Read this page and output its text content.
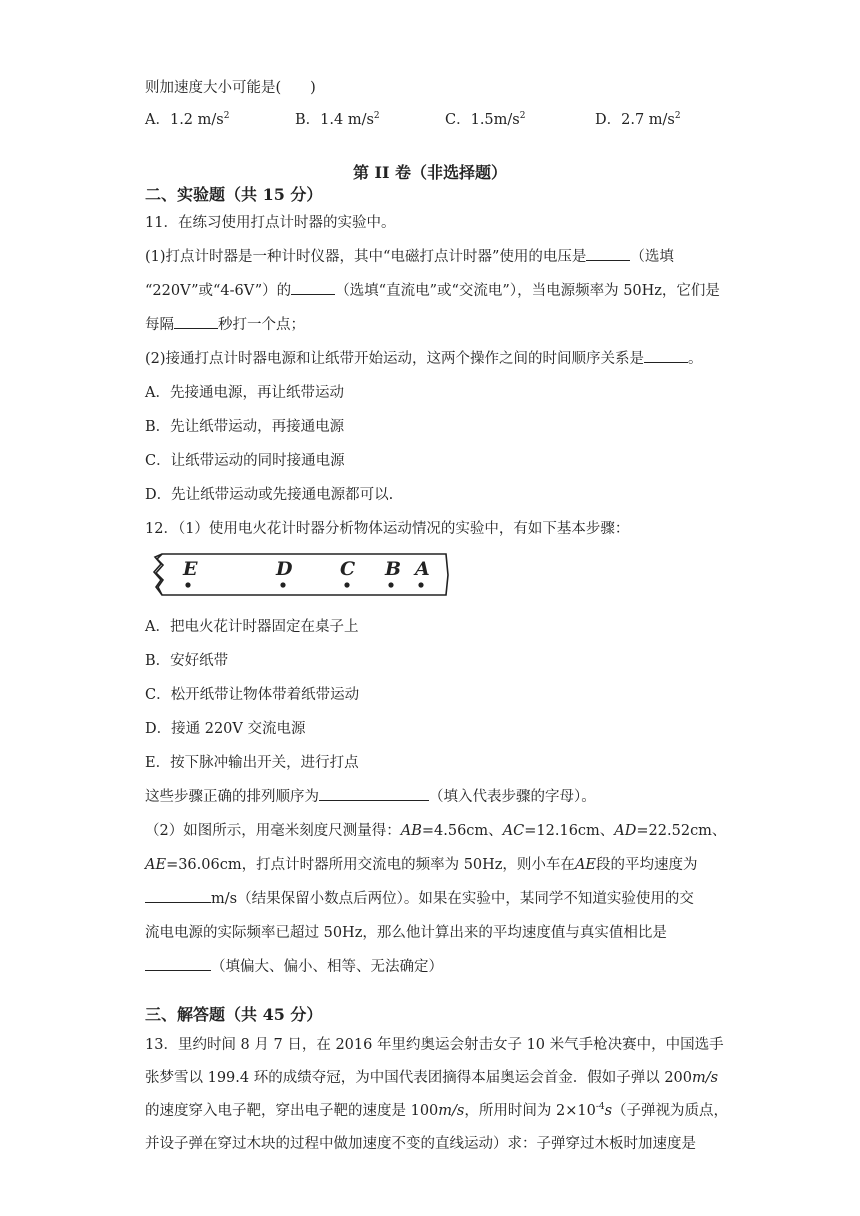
则加速度大小可能是(　　)
A．1.2 $m/s^2$	B．1.4 $m/s^2$	C．$1.5m/s^2$	D．2.7 $m/s^2$
第 II 卷（非选择题）
二、实验题（共 15 分）
11．在练习使用打点计时器的实验中。
(1)打点计时器是一种计时仪器，其中“电磁打点计时器”使用的电压是	（选填
“220V”或“4-6V”）的	（选填“直流电”或“交流电”），当电源频率为 50Hz，它们是
每隔	秒打一个点；
(2)接通打点计时器电源和让纸带开始运动，这两个操作之间的时间顺序关系是	。
A．先接通电源，再让纸带运动
B．先让纸带运动，再接通电源
C．让纸带运动的同时接通电源
D．先让纸带运动或先接通电源都可以.
12．（1）使用电火花计时器分析物体运动情况的实验中，有如下基本步骤：
E	D	C B A
A．把电火花计时器固定在桌子上
B．安好纸带
C．松开纸带让物体带着纸带运动
D．接通 220V 交流电源
E．按下脉冲输出开关，进行打点
这些步骤正确的排列顺序为	（填入代表步骤的字母）。
（2）如图所示，用毫米刻度尺测量得：AB=4.56cm、AC=12.16cm、AD=22.52cm、
AE=36.06cm，打点计时器所用交流电的频率为 50Hz，则小车在AE段的平均速度为
m/s（结果保留小数点后两位）。如果在实验中，某同学不知道实验使用的交
流电电源的实际频率已超过 50Hz，那么他计算出来的平均速度值与真实值相比是
（填偏大、偏小、相等、无法确定）
三、解答题（共 45 分）
13．里约时间 8 月 7 日，在 2016 年里约奥运会射击女子 10 米气手枪决赛中，中国选手
张梦雪以 199.4 环的成绩夺冠，为中国代表团摘得本届奥运会首金．假如子弹以 200m/s
的速度穿入电子靶，穿出电子靶的速度是 100m/s，所用时间为 $2\times 10^{-4}s$（子弹视为质点，
并设子弹在穿过木块的过程中做加速度不变的直线运动）求：子弹穿过木板时加速度是
